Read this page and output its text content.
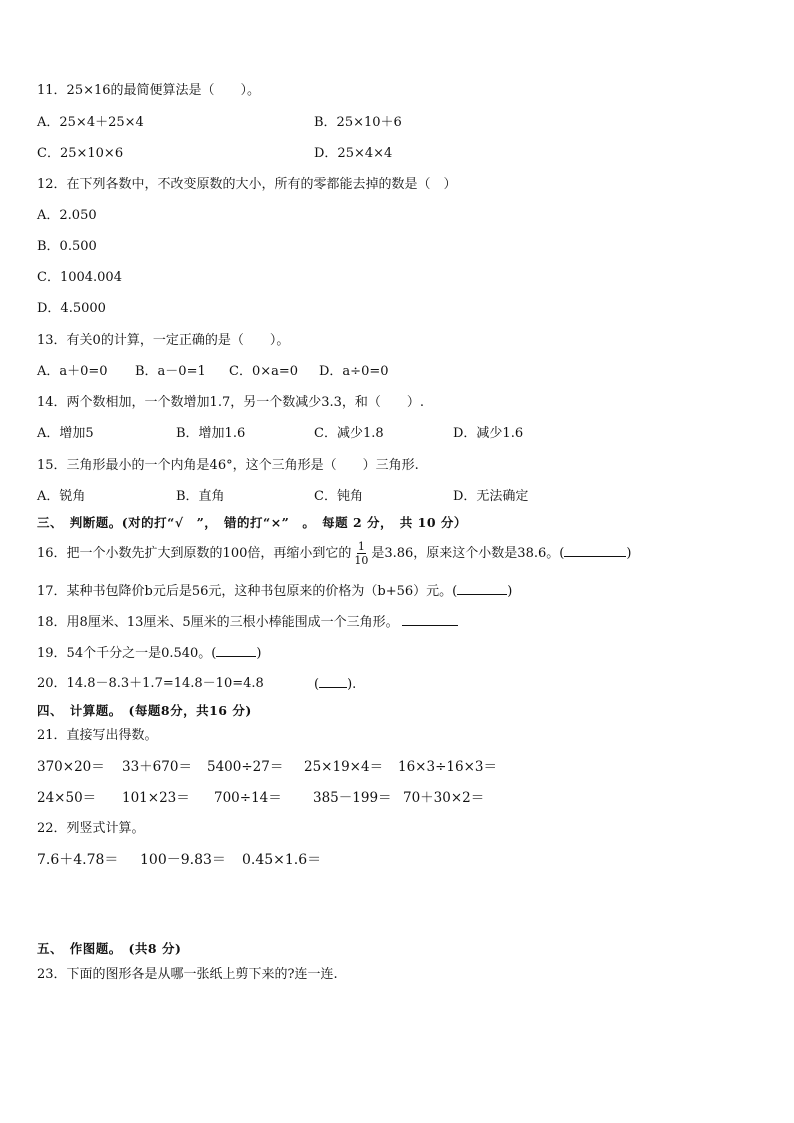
11．25×16的最简便算法是（　　）。
A．25×4＋25×4	B．25×10＋6
C．25×10×6	D．25×4×4
12．在下列各数中，不改变原数的大小，所有的零都能去掉的数是（　）
A．2.050
B．0.500
C．1004.004
D．4.5000
13．有关0的计算，一定正确的是（　　）。
A．a＋0=0 B．a－0=1 C．0×a=0 D．a÷0=0
14．两个数相加，一个数增加1.7，另一个数减少3.3，和（　　）.
A．增加5	B．增加1.6	C．减少1.8	D．减少1.6
15．三角形最小的一个内角是46°，这个三角形是（　　）三角形.
A．锐角	B．直角	C．钝角	D．无法确定
三、　判断题。(对的打“√　”，　错的打“×”　。　每题 2 分，　共 10 分）
16．把一个小数先扩大到原数的100倍，再缩小到它的 $\frac{1}{10}$ 是3.86，原来这个小数是38.6。(	)
17．某种书包降价b元后是56元，这种书包原来的价格为（b+56）元。(	)
18．用8厘米、13厘米、5厘米的三根小棒能围成一个三角形。
19．54个千分之一是0.540。(	)
20．14.8－8.3＋1.7=14.8－10=4.8	( ).
四、　计算题。　(每题8分，共16 分)
21．直接写出得数。
370×20＝ 33＋670＝ 5400÷27＝ 25×19×4＝ 16×3÷16×3＝
24×50＝ 101×23＝ 700÷14＝ 385－199＝ 70＋30×2＝
22．列竖式计算。
7.6＋4.78＝ 100－9.83＝ 0.45×1.6＝
五、　作图题。　(共8 分)
23．下面的图形各是从哪一张纸上剪下来的?连一连.
